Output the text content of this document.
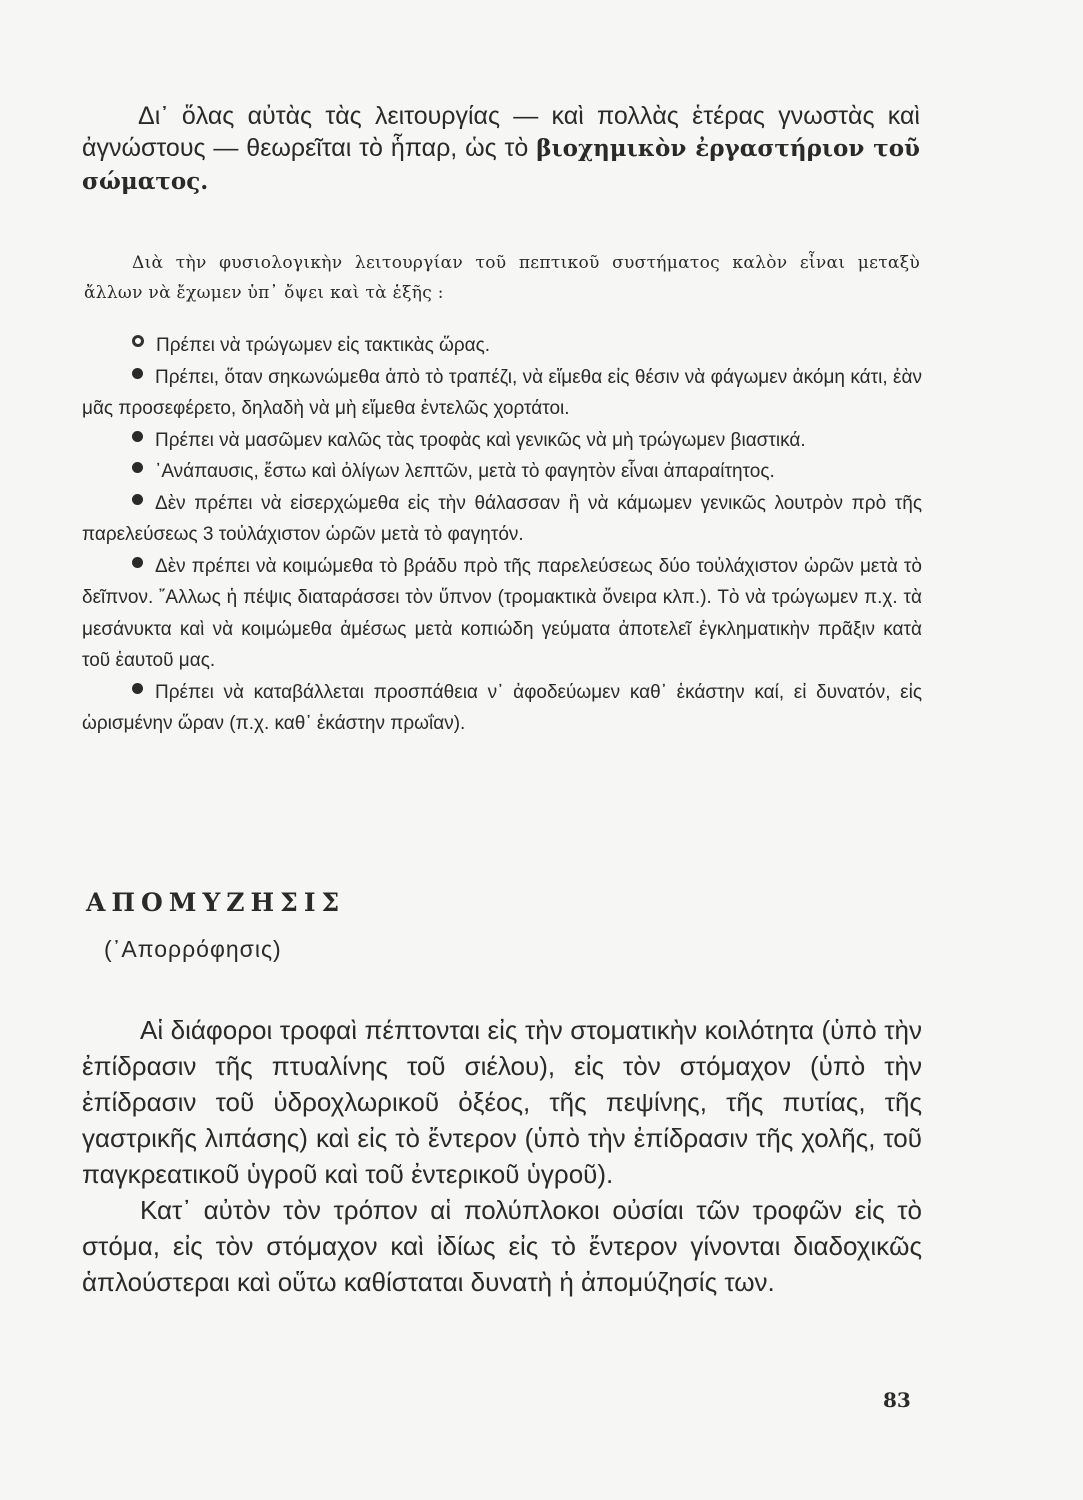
Δι᾽ ὅλας αὐτὰς τὰς λειτουργίας — καὶ πολλὰς ἑτέρας γνωστὰς καὶ ἀγνώστους — θεωρεῖται τὸ ἧπαρ, ὡς τὸ βιοχημικὸν ἐργαστήριον τοῦ σώματος.

Διὰ τὴν φυσιολογικὴν λειτουργίαν τοῦ πεπτικοῦ συστήματος καλὸν εἶναι μεταξὺ ἄλλων νὰ ἔχωμεν ὑπ᾽ ὄψει καὶ τὰ ἑξῆς :

Πρέπει νὰ τρώγωμεν εἰς τακτικὰς ὥρας.
Πρέπει, ὅταν σηκωνώμεθα ἀπὸ τὸ τραπέζι, νὰ εἴμεθα εἰς θέσιν νὰ φάγωμεν ἀκόμη κάτι, ἐὰν μᾶς προσεφέρετο, δηλαδὴ νὰ μὴ εἴμεθα ἐντελῶς χορτάτοι.
Πρέπει νὰ μασῶμεν καλῶς τὰς τροφὰς καὶ γενικῶς νὰ μὴ τρώγωμεν βιαστικά.
᾽Ανάπαυσις, ἔστω καὶ ὀλίγων λεπτῶν, μετὰ τὸ φαγητὸν εἶναι ἀπαραίτητος.
Δὲν πρέπει νὰ εἰσερχώμεθα εἰς τὴν θάλασσαν ἢ νὰ κάμωμεν γενικῶς λουτρὸν πρὸ τῆς παρελεύσεως 3 τοὐλάχιστον ὡρῶν μετὰ τὸ φαγητόν.
Δὲν πρέπει νὰ κοιμώμεθα τὸ βράδυ πρὸ τῆς παρελεύσεως δύο τοὐλάχιστον ὡρῶν μετὰ τὸ δεῖπνον. ῎Αλλως ἡ πέψις διαταράσσει τὸν ὕπνον (τρομακτικὰ ὄνειρα κλπ.). Τὸ νὰ τρώγωμεν π.χ. τὰ μεσάνυκτα καὶ νὰ κοιμώμεθα ἀμέσως μετὰ κοπιώδη γεύματα ἀποτελεῖ ἐγκληματικὴν πρᾶξιν κατὰ τοῦ ἑαυτοῦ μας.
Πρέπει νὰ καταβάλλεται προσπάθεια ν᾽ ἀφοδεύωμεν καθ᾽ ἑκάστην καί, εἰ δυνατόν, εἰς ὡρισμένην ὥραν (π.χ. καθ᾽ ἑκάστην πρωΐαν).
ΑΠΟΜΥΖΗΣΙΣ
(᾽Απορρόφησις)

Αἱ διάφοροι τροφαὶ πέπτονται εἰς τὴν στοματικὴν κοιλότητα (ὑπὸ τὴν ἐπίδρασιν τῆς πτυαλίνης τοῦ σιέλου), εἰς τὸν στόμαχον (ὑπὸ τὴν ἐπίδρασιν τοῦ ὑδροχλωρικοῦ ὀξέος, τῆς πεψίνης, τῆς πυτίας, τῆς γαστρικῆς λιπάσης) καὶ εἰς τὸ ἔντερον (ὑπὸ τὴν ἐπίδρασιν τῆς χολῆς, τοῦ παγκρεατικοῦ ὑγροῦ καὶ τοῦ ἐντερικοῦ ὑγροῦ).

Κατ᾽ αὐτὸν τὸν τρόπον αἱ πολύπλοκοι οὐσίαι τῶν τροφῶν εἰς τὸ στόμα, εἰς τὸν στόμαχον καὶ ἰδίως εἰς τὸ ἔντερον γίνονται διαδοχικῶς ἁπλούστεραι καὶ οὕτω καθίσταται δυνατὴ ἡ ἀπομύζησίς των.

83
